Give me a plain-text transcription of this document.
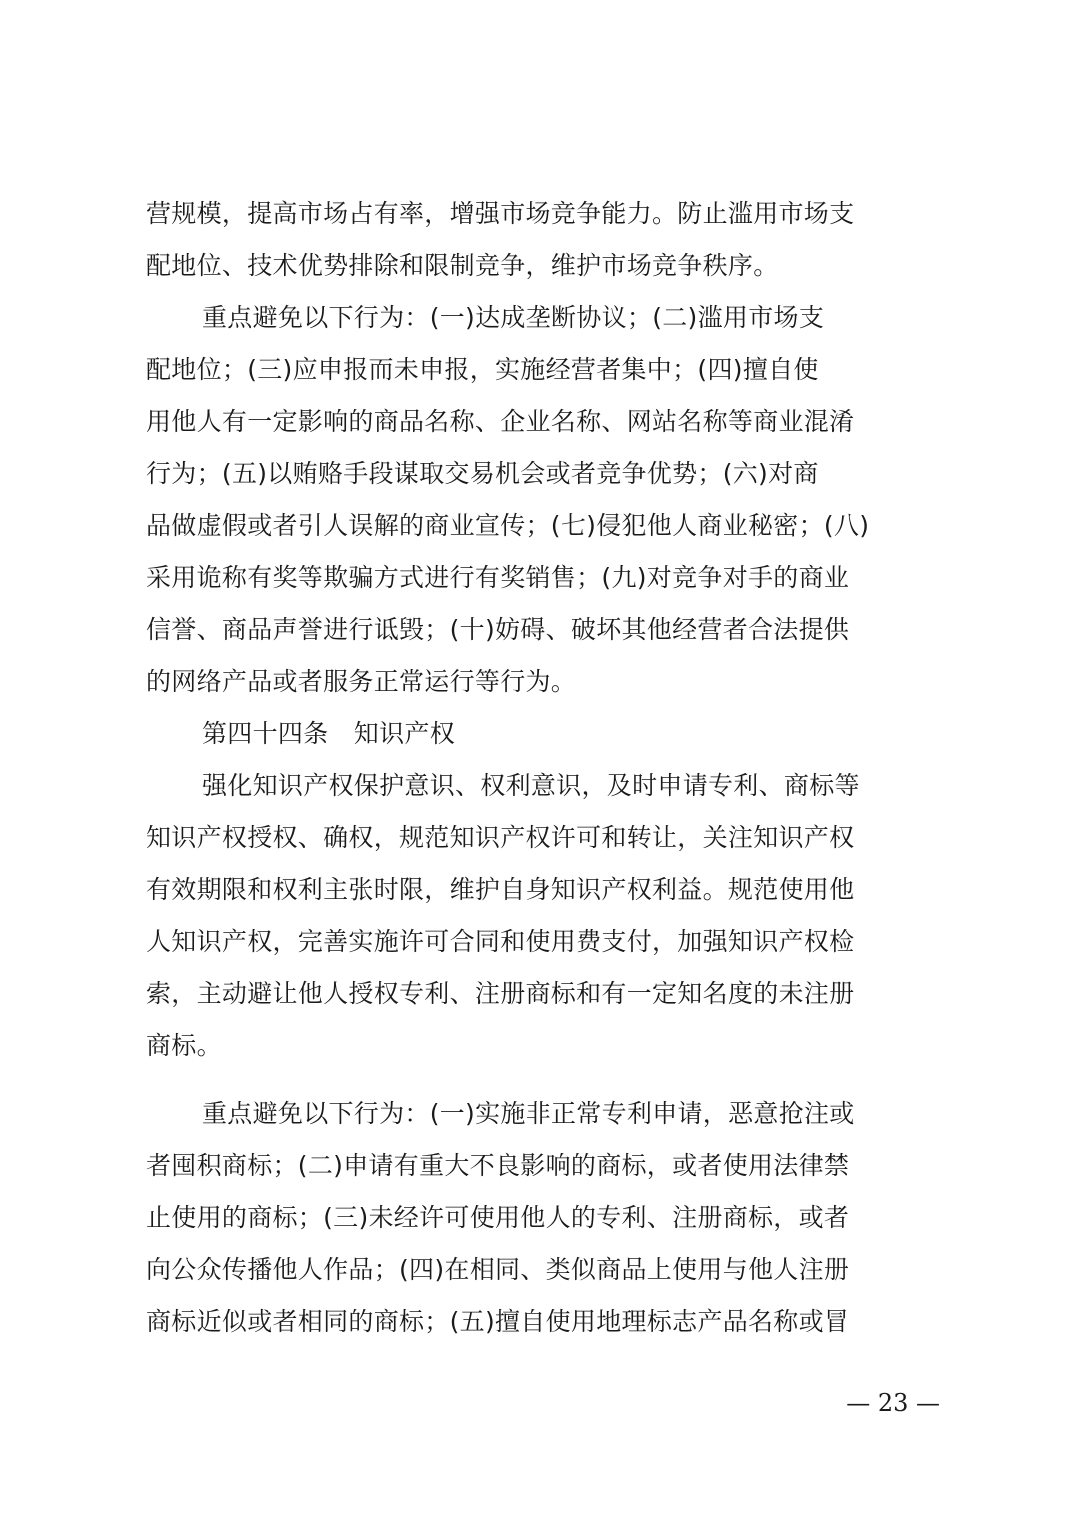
营规模，提高市场占有率，增强市场竞争能力。防止滥用市场支
配地位、技术优势排除和限制竞争，维护市场竞争秩序。
重点避免以下行为：(一)达成垄断协议；(二)滥用市场支
配地位；(三)应申报而未申报，实施经营者集中；(四)擅自使
用他人有一定影响的商品名称、企业名称、网站名称等商业混淆
行为；(五)以贿赂手段谋取交易机会或者竞争优势；(六)对商
品做虚假或者引人误解的商业宣传；(七)侵犯他人商业秘密；(八)
采用诡称有奖等欺骗方式进行有奖销售；(九)对竞争对手的商业
信誉、商品声誉进行诋毁；(十)妨碍、破坏其他经营者合法提供
的网络产品或者服务正常运行等行为。
第四十四条　知识产权
强化知识产权保护意识、权利意识，及时申请专利、商标等
知识产权授权、确权，规范知识产权许可和转让，关注知识产权
有效期限和权利主张时限，维护自身知识产权利益。规范使用他
人知识产权，完善实施许可合同和使用费支付，加强知识产权检
索，主动避让他人授权专利、注册商标和有一定知名度的未注册
商标。
重点避免以下行为：(一)实施非正常专利申请，恶意抢注或
者囤积商标；(二)申请有重大不良影响的商标，或者使用法律禁
止使用的商标；(三)未经许可使用他人的专利、注册商标，或者
向公众传播他人作品；(四)在相同、类似商品上使用与他人注册
商标近似或者相同的商标；(五)擅自使用地理标志产品名称或冒
— 23 —
